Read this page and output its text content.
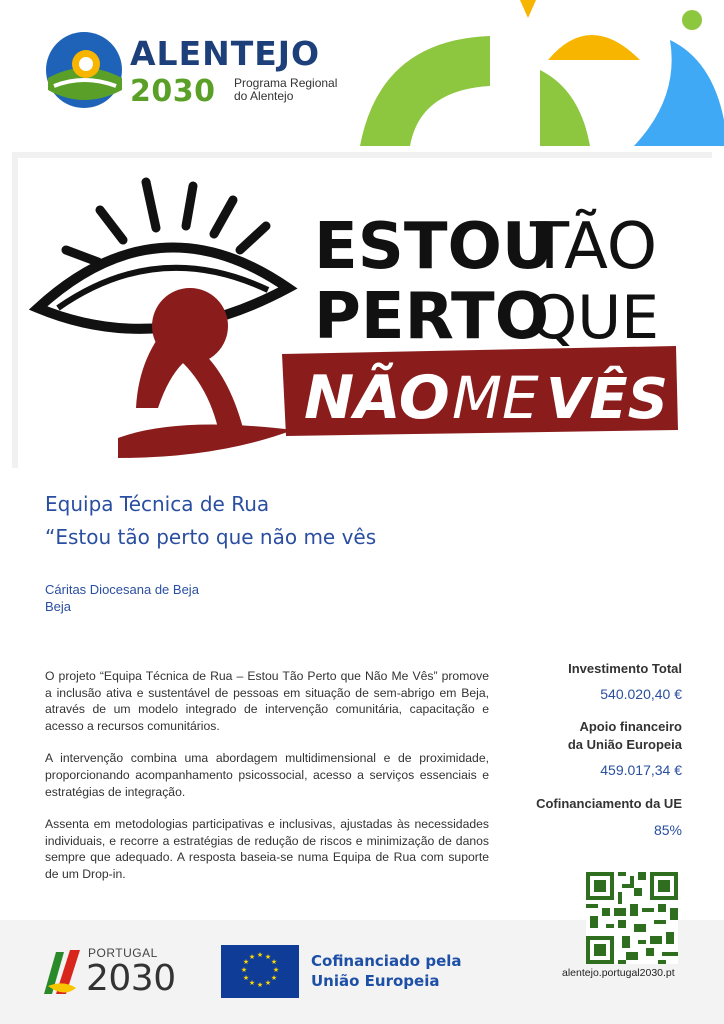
ALENTEJO
2030 Programa Regional
do Alentejo
ESTOU
TÃO
PERTO
QUE
NÃO ME VÊS
Equipa Técnica de Rua
“Estou tão perto que não me vês
Cáritas Diocesana de Beja
Beja

O projeto “Equipa Técnica de Rua – Estou Tão Perto que Não Me Vês” promove a inclusão ativa e sustentável de pessoas em situação de sem-abrigo em Beja, através de um modelo integrado de intervenção comunitária, capacitação e acesso a recursos comunitários.

A intervenção combina uma abordagem multidimensional e de proximidade, proporcionando acompanhamento psicossocial, acesso a serviços essenciais e estratégias de integração.

Assenta em metodologias participativas e inclusivas, ajustadas às necessidades individuais, e recorre a estratégias de redução de riscos e minimização de danos sempre que adequado. A resposta baseia-se numa Equipa de Rua com suporte de um Drop-in.

Investimento Total
540.020,40 €
Apoio financeiro
da União Europeia
459.017,34 €
Cofinanciamento da UE
85%
alentejo.portugal2030.pt
PORTUGAL
2030
★ ★
★
★
★
★
★
★
★
★
★
★	Cofinanciado pela
União Europeia
